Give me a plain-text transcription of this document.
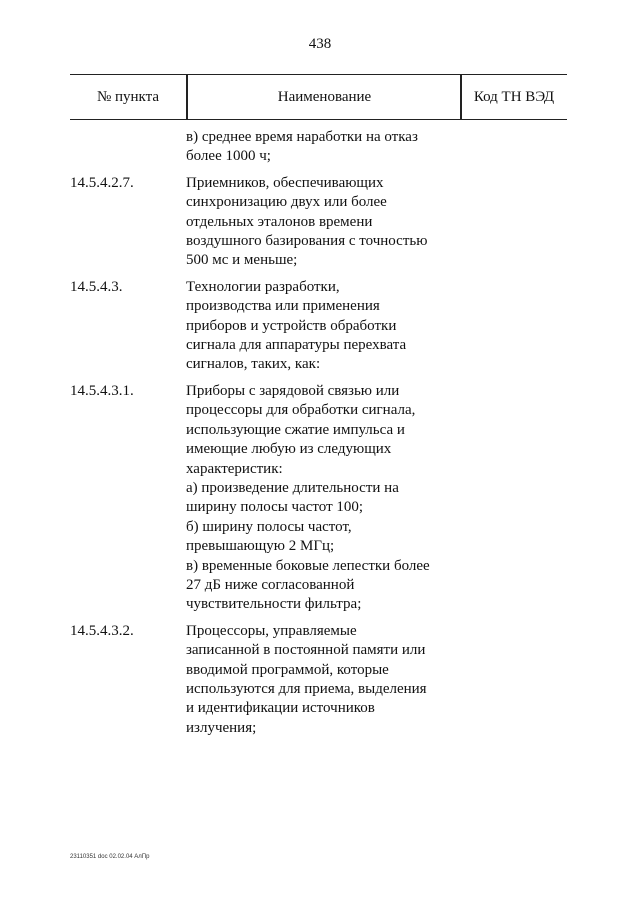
438
№ пункта	Наименование	Код ТН ВЭД
в) среднее время наработки на отказ
более 1000 ч;
14.5.4.2.7.	Приемников, обеспечивающих
синхронизацию двух или более
отдельных эталонов времени
воздушного базирования с точностью
500 мс и меньше;
14.5.4.3.	Технологии разработки,
производства или применения
приборов и устройств обработки
сигнала для аппаратуры перехвата
сигналов, таких, как:
14.5.4.3.1.	Приборы с зарядовой связью или
процессоры для обработки сигнала,
использующие сжатие импульса и
имеющие любую из следующих
характеристик:
а) произведение длительности на
ширину полосы частот 100;
б) ширину полосы частот,
превышающую 2 МГц;
в) временные боковые лепестки более
27 дБ ниже согласованной
чувствительности фильтра;
14.5.4.3.2.	Процессоры, управляемые
записанной в постоянной памяти или
вводимой программой, которые
используются для приема, выделения
и идентификации источников
излучения;
23110351 doc 02.02.04 АлПр
